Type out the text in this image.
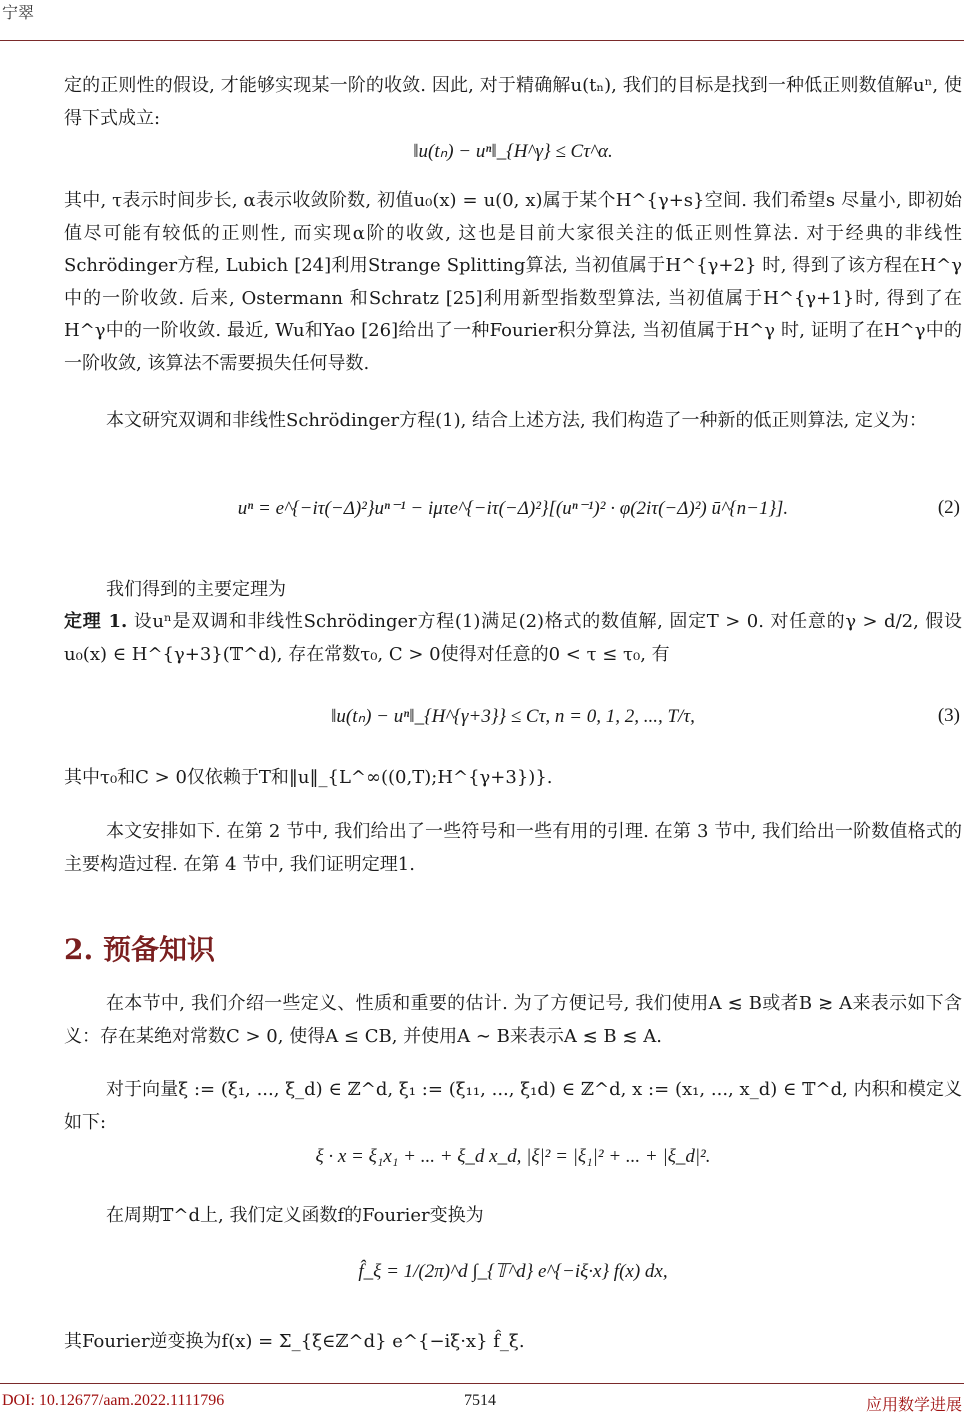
宁翠
定的正则性的假设, 才能够实现某一阶的收敛. 因此, 对于精确解u(tₙ), 我们的目标是找到一种低正则数值解uⁿ, 使得下式成立:
‖u(tₙ) − uⁿ‖_{H^γ} ≤ Cτ^α.
其中, τ表示时间步长, α表示收敛阶数, 初值u₀(x) = u(0, x)属于某个H^{γ+s}空间. 我们希望s 尽量小, 即初始值尽可能有较低的正则性, 而实现α阶的收敛, 这也是目前大家很关注的低正则性算法. 对于经典的非线性Schrödinger方程, Lubich [24]利用Strange Splitting算法, 当初值属于H^{γ+2} 时, 得到了该方程在H^γ中的一阶收敛. 后来, Ostermann 和Schratz [25]利用新型指数型算法, 当初值属于H^{γ+1}时, 得到了在H^γ中的一阶收敛. 最近, Wu和Yao [26]给出了一种Fourier积分算法, 当初值属于H^γ 时, 证明了在H^γ中的一阶收敛, 该算法不需要损失任何导数.
本文研究双调和非线性Schrödinger方程(1), 结合上述方法, 我们构造了一种新的低正则算法, 定义为：
uⁿ = e^{−iτ(−Δ)²}uⁿ⁻¹ − iμτe^{−iτ(−Δ)²}[(uⁿ⁻¹)² · φ(2iτ(−Δ)²) ū^{n−1}].	(2)
我们得到的主要定理为
定理 1. 设uⁿ是双调和非线性Schrödinger方程(1)满足(2)格式的数值解, 固定T > 0. 对任意的γ > d/2, 假设u₀(x) ∈ H^{γ+3}(𝕋^d), 存在常数τ₀, C > 0使得对任意的0 < τ ≤ τ₀, 有
‖u(tₙ) − uⁿ‖_{H^{γ+3}} ≤ Cτ, n = 0, 1, 2, ..., T/τ,	(3)
其中τ₀和C > 0仅依赖于T和‖u‖_{L^∞((0,T);H^{γ+3})}.
本文安排如下. 在第 2 节中, 我们给出了一些符号和一些有用的引理. 在第 3 节中, 我们给出一阶数值格式的主要构造过程. 在第 4 节中, 我们证明定理1.
2. 预备知识
在本节中, 我们介绍一些定义、性质和重要的估计. 为了方便记号, 我们使用A ≲ B或者B ≳ A来表示如下含义：存在某绝对常数C > 0, 使得A ≤ CB, 并使用A ∼ B来表示A ≲ B ≲ A.
对于向量ξ := (ξ₁, ..., ξ_d) ∈ ℤ^d, ξ₁ := (ξ₁₁, ..., ξ₁d) ∈ ℤ^d, x := (x₁, ..., x_d) ∈ 𝕋^d, 内积和模定义如下:
ξ · x = ξ₁x₁ + ... + ξ_d x_d, |ξ|² = |ξ₁|² + ... + |ξ_d|².
在周期𝕋^d上, 我们定义函数f的Fourier变换为
f̂_ξ = 1/(2π)^d ∫_{𝕋^d} e^{−iξ·x} f(x) dx,
其Fourier逆变换为f(x) = Σ_{ξ∈ℤ^d} e^{−iξ·x} f̂_ξ.
DOI: 10.12677/aam.2022.1111796	7514	应用数学进展
